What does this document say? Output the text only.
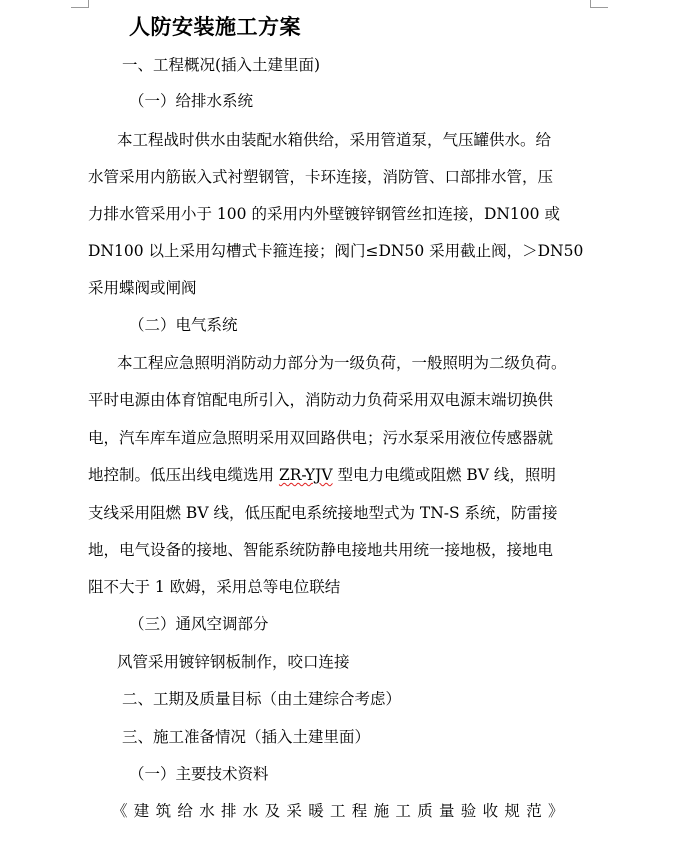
人防安装施工方案
一、工程概况(插入土建里面)
（一）给排水系统
本工程战时供水由装配水箱供给，采用管道泵，气压罐供水。给
水管采用内筋嵌入式衬塑钢管，卡环连接，消防管、口部排水管，压
力排水管采用小于 100 的采用内外壁镀锌钢管丝扣连接，DN100 或
DN100 以上采用勾槽式卡箍连接；阀门≤DN50 采用截止阀，＞DN50
采用蝶阀或闸阀
（二）电气系统
本工程应急照明消防动力部分为一级负荷，一般照明为二级负荷。
平时电源由体育馆配电所引入，消防动力负荷采用双电源末端切换供
电，汽车库车道应急照明采用双回路供电；污水泵采用液位传感器就
地控制。低压出线电缆选用 ZR-YJV 型电力电缆或阻燃 BV 线，照明
支线采用阻燃 BV 线，低压配电系统接地型式为 TN-S 系统，防雷接
地，电气设备的接地、智能系统防静电接地共用统一接地极，接地电
阻不大于 1 欧姆，采用总等电位联结
（三）通风空调部分
风管采用镀锌钢板制作，咬口连接
二、工期及质量目标（由土建综合考虑）
三、施工准备情况（插入土建里面）
（一）主要技术资料
《建筑给水排水及采暖工程施工质量验收规范》
